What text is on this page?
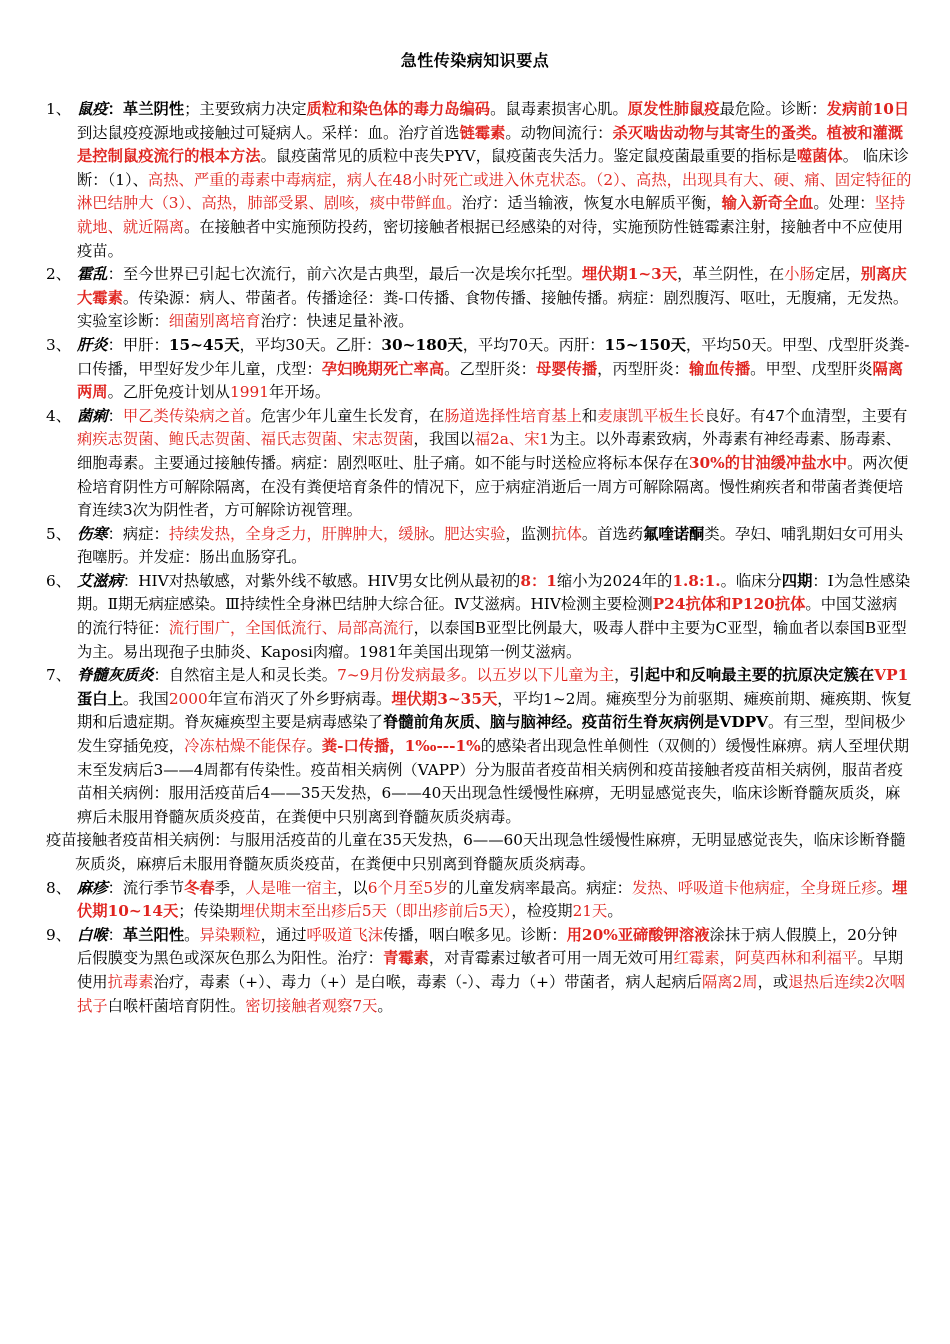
急性传染病知识要点
1、 鼠疫：革兰阴性；主要致病力决定质粒和染色体的毒力岛编码。鼠毒素损害心肌。原发性肺鼠疫最危险。诊断：发病前10日到达鼠疫疫源地或接触过可疑病人。采样：血。治疗首选链霉素。动物间流行：杀灭啮齿动物与其寄生的蚤类。植被和灌溉是控制鼠疫流行的根本方法。鼠疫菌常见的质粒中丧失PYV，鼠疫菌丧失活力。鉴定鼠疫菌最重要的指标是噬菌体。 临床诊断：（1）、高热、严重的毒素中毒病症，病人在48小时死亡或进入休克状态。（2）、高热，出现具有大、硬、痛、固定特征的淋巴结肿大（3）、高热，肺部受累、剧咳，痰中带鲜血。治疗：适当输液，恢复水电解质平衡，输入新奇全血。处理：坚持就地、就近隔离。在接触者中实施预防投药，密切接触者根据已经感染的对待，实施预防性链霉素注射，接触者中不应使用疫苗。
2、 霍乱：至今世界已引起七次流行，前六次是古典型，最后一次是埃尔托型。埋伏期1~3天，革兰阴性，在小肠定居，别离庆大霉素。传染源：病人、带菌者。传播途径：粪-口传播、食物传播、接触传播。病症：剧烈腹泻、呕吐，无腹痛，无发热。实验室诊断：细菌别离培育治疗：快速足量补液。
3、 肝炎：甲肝：15~45天，平均30天。乙肝：30~180天，平均70天。丙肝：15~150天，平均50天。甲型、戊型肝炎粪-口传播，甲型好发少年儿童，戊型：孕妇晚期死亡率高。乙型肝炎：母婴传播，丙型肝炎：输血传播。甲型、戊型肝炎隔离两周。乙肝免疫计划从1991年开场。
4、 菌痢：甲乙类传染病之首。危害少年儿童生长发育，在肠道选择性培育基上和麦康凯平板生长良好。有47个血清型，主要有痢疾志贺菌、鲍氏志贺菌、福氏志贺菌、宋志贺菌，我国以福2a、宋1为主。以外毒素致病，外毒素有神经毒素、肠毒素、细胞毒素。主要通过接触传播。病症：剧烈呕吐、肚子痛。如不能与时送检应将标本保存在30%的甘油缓冲盐水中。两次便检培育阴性方可解除隔离，在没有粪便培育条件的情况下，应于病症消逝后一周方可解除隔离。慢性痢疾者和带菌者粪便培育连续3次为阴性者，方可解除访视管理。
5、 伤寒：病症：持续发热，全身乏力，肝脾肿大，缓脉。肥达实验，监测抗体。首选药氟喹诺酮类。孕妇、哺乳期妇女可用头孢噻肟。并发症：肠出血肠穿孔。
6、 艾滋病：HIV对热敏感，对紫外线不敏感。HIV男女比例从最初的8：1缩小为2024年的1.8:1.。临床分四期：Ⅰ为急性感染期。Ⅱ期无病症感染。Ⅲ持续性全身淋巴结肿大综合征。Ⅳ艾滋病。HIV检测主要检测P24抗体和P120抗体。中国艾滋病的流行特征：流行围广，全国低流行、局部高流行，以泰国B亚型比例最大，吸毒人群中主要为C亚型，输血者以泰国B亚型为主。易出现孢子虫肺炎、Kaposi肉瘤。1981年美国出现第一例艾滋病。
7、 脊髓灰质炎：自然宿主是人和灵长类。7~9月份发病最多。以五岁以下儿童为主，引起中和反响最主要的抗原决定簇在VP1蛋白上。我国2000年宣布消灭了外乡野病毒。埋伏期3~35天，平均1~2周。瘫痪型分为前驱期、瘫痪前期、瘫痪期、恢复期和后遗症期。脊灰瘫痪型主要是病毒感染了脊髓前角灰质、脑与脑神经。疫苗衍生脊灰病例是VDPV。有三型，型间极少发生穿插免疫，冷冻枯燥不能保存。粪-口传播，1‰---1%的感染者出现急性单侧性（双侧的）缓慢性麻痹。病人至埋伏期末至发病后3——4周都有传染性。疫苗相关病例（VAPP）分为服苗者疫苗相关病例和疫苗接触者疫苗相关病例，服苗者疫苗相关病例：服用活疫苗后4——35天发热，6——40天出现急性缓慢性麻痹，无明显感觉丧失，临床诊断脊髓灰质炎，麻痹后未服用脊髓灰质炎疫苗，在粪便中只别离到脊髓灰质炎病毒。
疫苗接触者疫苗相关病例：与服用活疫苗的儿童在35天发热，6——60天出现急性缓慢性麻痹，无明显感觉丧失，临床诊断脊髓灰质炎，麻痹后未服用脊髓灰质炎疫苗，在粪便中只别离到脊髓灰质炎病毒。
8、 麻疹：流行季节冬春季，人是唯一宿主，以6个月至5岁的儿童发病率最高。病症：发热、呼吸道卡他病症，全身斑丘疹。埋伏期10~14天；传染期埋伏期末至出疹后5天（即出疹前后5天），检疫期21天。
9、 白喉：革兰阳性。异染颗粒，通过呼吸道飞沫传播，咽白喉多见。诊断：用20%亚碲酸钾溶液涂抹于病人假膜上，20分钟后假膜变为黑色或深灰色那么为阳性。治疗：青霉素，对青霉素过敏者可用一周无效可用红霉素，阿莫西林和利福平。早期使用抗毒素治疗，毒素（+）、毒力（+）是白喉，毒素（-）、毒力（+）带菌者，病人起病后隔离2周，或退热后连续2次咽拭子白喉杆菌培育阴性。密切接触者观察7天。
